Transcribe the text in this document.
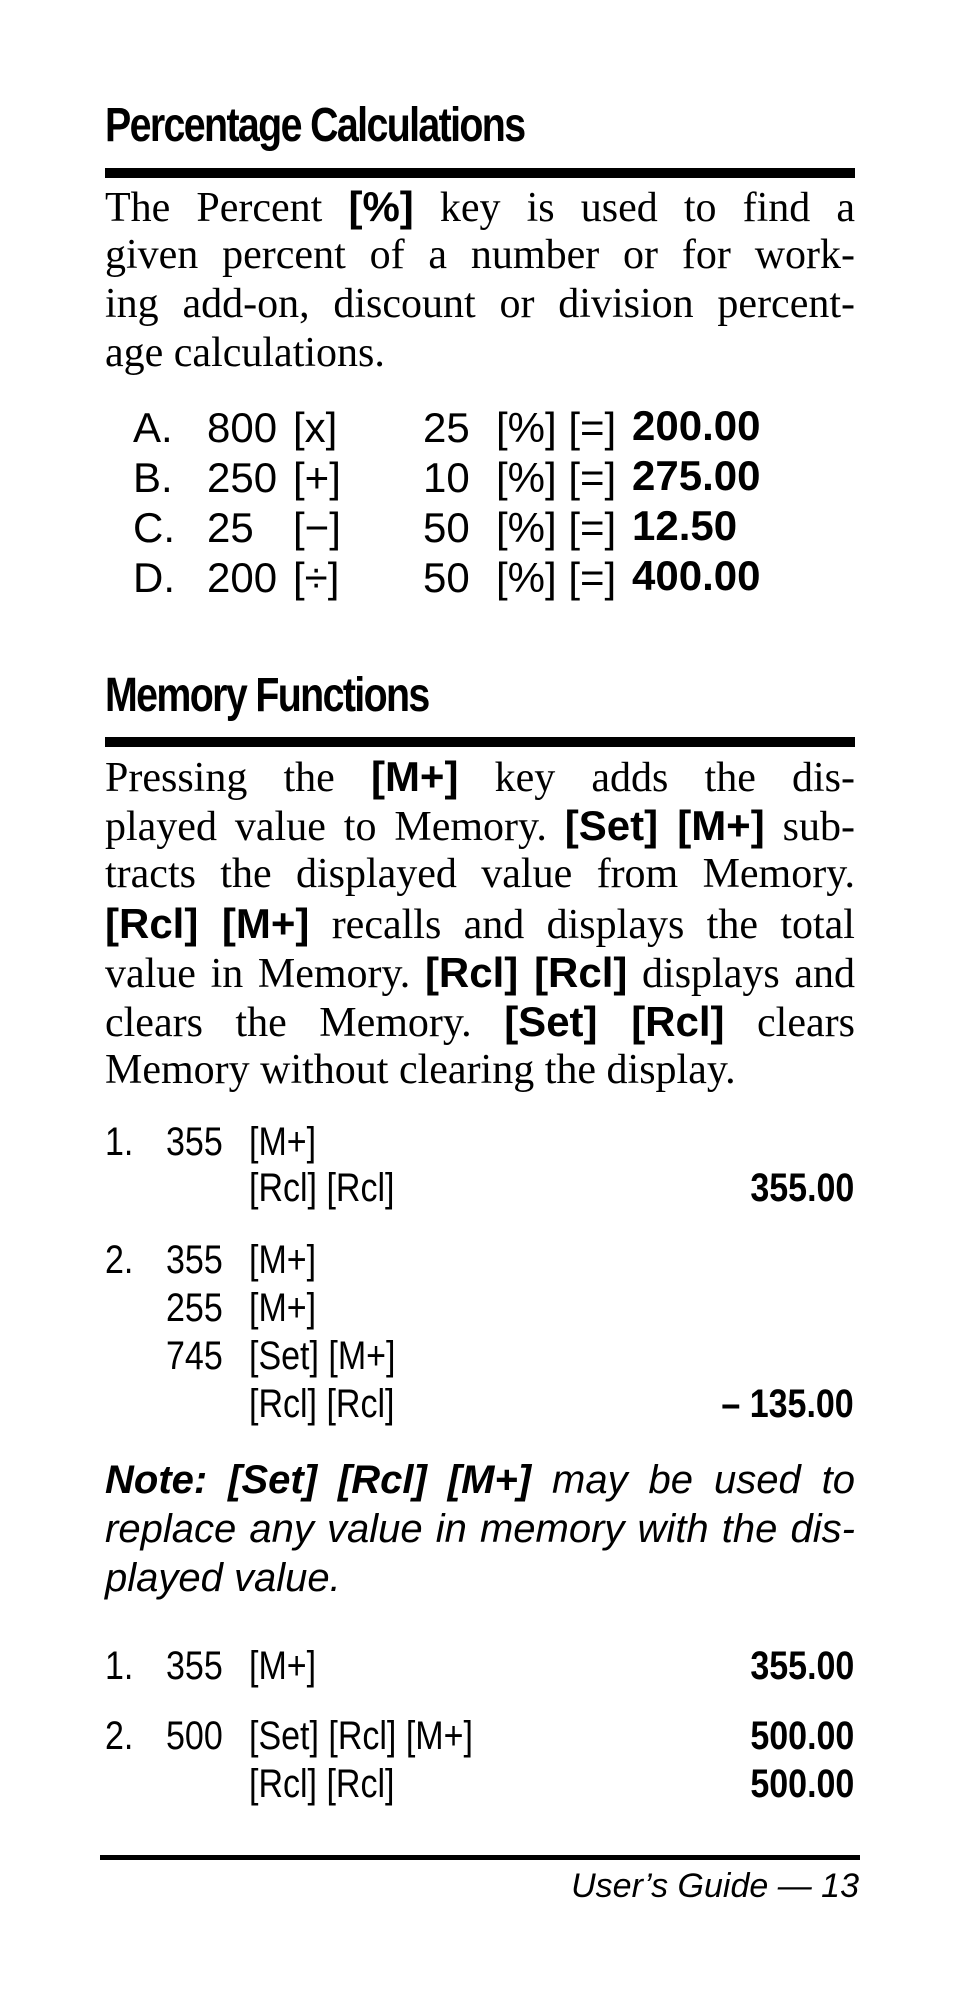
Percentage Calculations
The Percent [%] key is used to find a
given percent of a number or for work-
ing add-on, discount or division percent-
age calculations.
A. 800 [x] 25 [%] [=] 200.00
B. 250 [+] 10 [%] [=] 275.00
C. 25 [−] 50 [%] [=] 12.50
D. 200 [÷] 50 [%] [=] 400.00
Memory Functions
Pressing the [M+] key adds the dis-
played value to Memory. [Set] [M+] sub-
tracts the displayed value from Memory.
[Rcl] [M+] recalls and displays the total
value in Memory. [Rcl] [Rcl] displays and
clears the Memory. [Set] [Rcl] clears
Memory without clearing the display.
1. 355 [M+]
[Rcl] [Rcl]	355.00
2. 355 [M+]
255 [M+]
745 [Set] [M+]
[Rcl] [Rcl]	– 135.00
Note: [Set] [Rcl] [M+] may be used to
replace any value in memory with the dis-
played value.
1. 355 [M+]	355.00
2. 500 [Set] [Rcl] [M+]	500.00
[Rcl] [Rcl]	500.00
User’s Guide — 13
